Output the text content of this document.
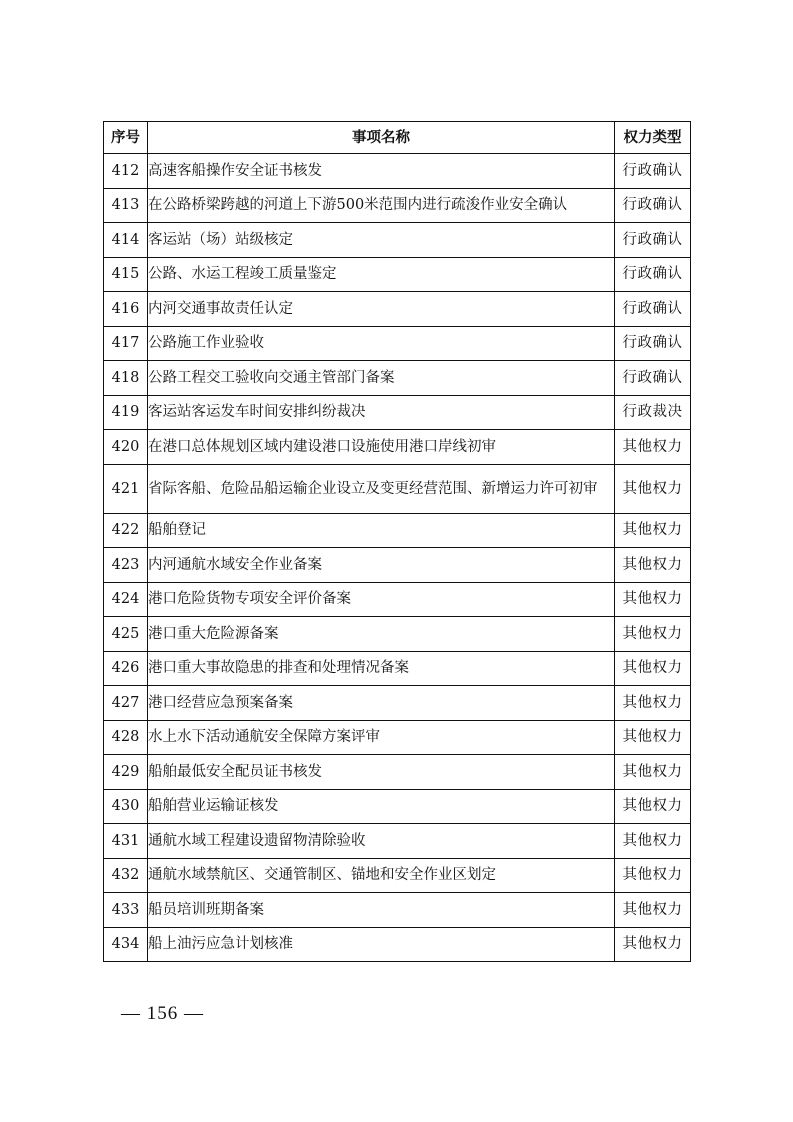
序号	事项名称	权力类型
412	高速客船操作安全证书核发	行政确认
413	在公路桥梁跨越的河道上下游500米范围内进行疏浚作业安全确认	行政确认
414	客运站（场）站级核定	行政确认
415	公路、水运工程竣工质量鉴定	行政确认
416	内河交通事故责任认定	行政确认
417	公路施工作业验收	行政确认
418	公路工程交工验收向交通主管部门备案	行政确认
419	客运站客运发车时间安排纠纷裁决	行政裁决
420	在港口总体规划区域内建设港口设施使用港口岸线初审	其他权力
421	省际客船、危险品船运输企业设立及变更经营范围、新增运力许可初审	其他权力
422	船舶登记	其他权力
423	内河通航水域安全作业备案	其他权力
424	港口危险货物专项安全评价备案	其他权力
425	港口重大危险源备案	其他权力
426	港口重大事故隐患的排查和处理情况备案	其他权力
427	港口经营应急预案备案	其他权力
428	水上水下活动通航安全保障方案评审	其他权力
429	船舶最低安全配员证书核发	其他权力
430	船舶营业运输证核发	其他权力
431	通航水域工程建设遗留物清除验收	其他权力
432	通航水域禁航区、交通管制区、锚地和安全作业区划定	其他权力
433	船员培训班期备案	其他权力
434	船上油污应急计划核准	其他权力
— 156 —
